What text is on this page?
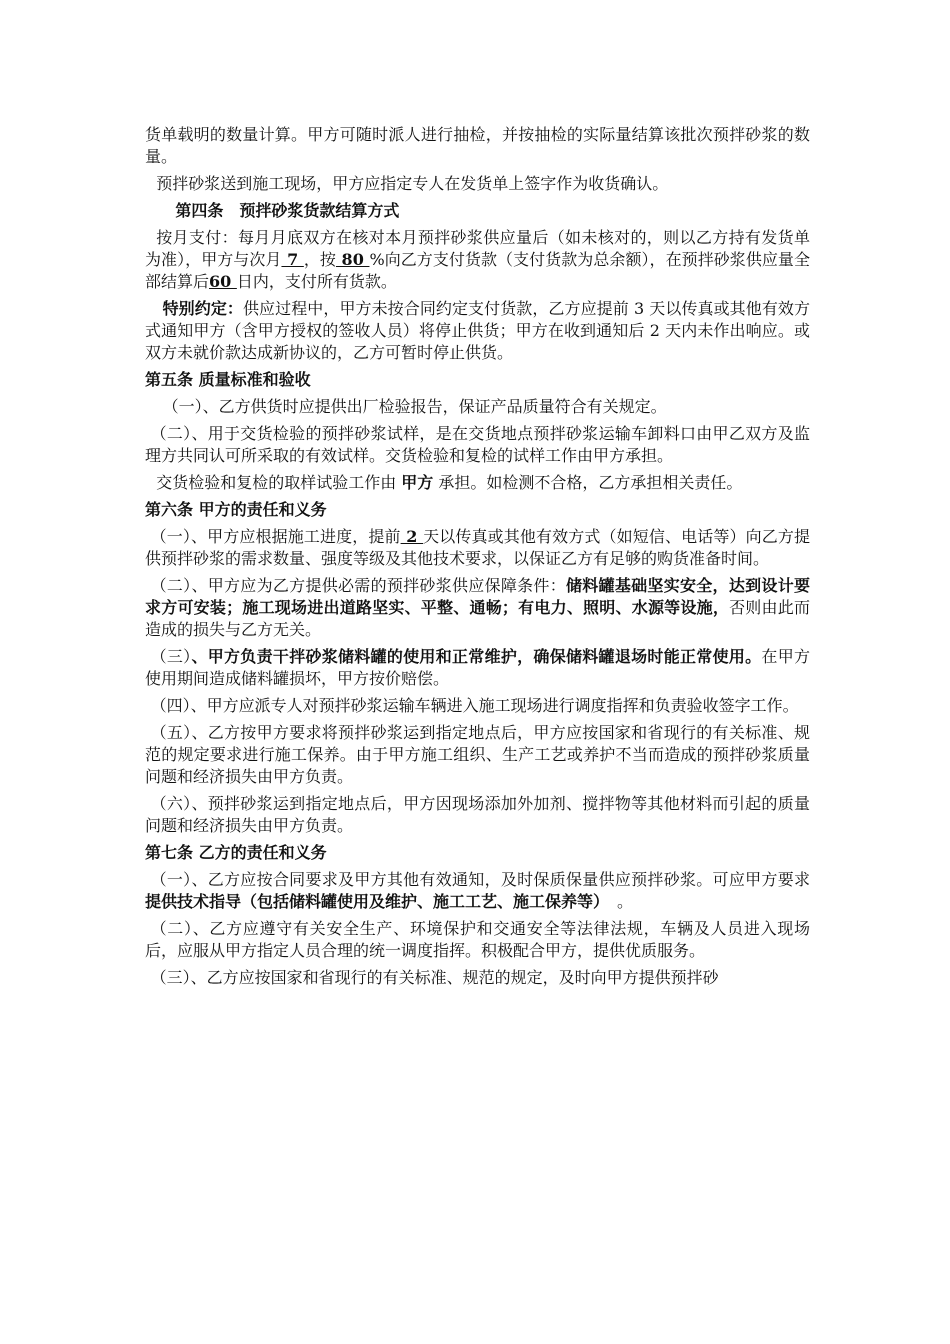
货单载明的数量计算。甲方可随时派人进行抽检，并按抽检的实际量结算该批次预拌砂浆的数量。

预拌砂浆送到施工现场，甲方应指定专人在发货单上签字作为收货确认。

第四条　预拌砂浆货款结算方式

按月支付：每月月底双方在核对本月预拌砂浆供应量后（如未核对的，则以乙方持有发货单为准），甲方与次月 7 ，按 80 %向乙方支付货款（支付货款为总余额），在预拌砂浆供应量全部结算后60 日内，支付所有货款。

特别约定：供应过程中，甲方未按合同约定支付货款，乙方应提前 3 天以传真或其他有效方式通知甲方（含甲方授权的签收人员）将停止供货；甲方在收到通知后 2 天内未作出响应。或双方未就价款达成新协议的，乙方可暂时停止供货。

第五条 质量标准和验收

（一）、乙方供货时应提供出厂检验报告，保证产品质量符合有关规定。

（二）、用于交货检验的预拌砂浆试样，是在交货地点预拌砂浆运输车卸料口由甲乙双方及监理方共同认可所采取的有效试样。交货检验和复检的试样工作由甲方承担。

交货检验和复检的取样试验工作由 甲方 承担。如检测不合格，乙方承担相关责任。

第六条 甲方的责任和义务

（一）、甲方应根据施工进度，提前 2 天以传真或其他有效方式（如短信、电话等）向乙方提供预拌砂浆的需求数量、强度等级及其他技术要求，以保证乙方有足够的购货准备时间。

（二）、甲方应为乙方提供必需的预拌砂浆供应保障条件：储料罐基础坚实安全，达到设计要求方可安装；施工现场进出道路坚实、平整、通畅；有电力、照明、水源等设施，否则由此而造成的损失与乙方无关。

（三）、甲方负责干拌砂浆储料罐的使用和正常维护，确保储料罐退场时能正常使用。在甲方使用期间造成储料罐损坏，甲方按价赔偿。

（四）、甲方应派专人对预拌砂浆运输车辆进入施工现场进行调度指挥和负责验收签字工作。

（五）、乙方按甲方要求将预拌砂浆运到指定地点后，甲方应按国家和省现行的有关标准、规范的规定要求进行施工保养。由于甲方施工组织、生产工艺或养护不当而造成的预拌砂浆质量问题和经济损失由甲方负责。

（六）、预拌砂浆运到指定地点后，甲方因现场添加外加剂、搅拌物等其他材料而引起的质量问题和经济损失由甲方负责。

第七条 乙方的责任和义务

（一）、乙方应按合同要求及甲方其他有效通知，及时保质保量供应预拌砂浆。可应甲方要求提供技术指导（包括储料罐使用及维护、施工工艺、施工保养等）　。

（二）、乙方应遵守有关安全生产、环境保护和交通安全等法律法规，车辆及人员进入现场后，应服从甲方指定人员合理的统一调度指挥。积极配合甲方，提供优质服务。

（三）、乙方应按国家和省现行的有关标准、规范的规定，及时向甲方提供预拌砂
